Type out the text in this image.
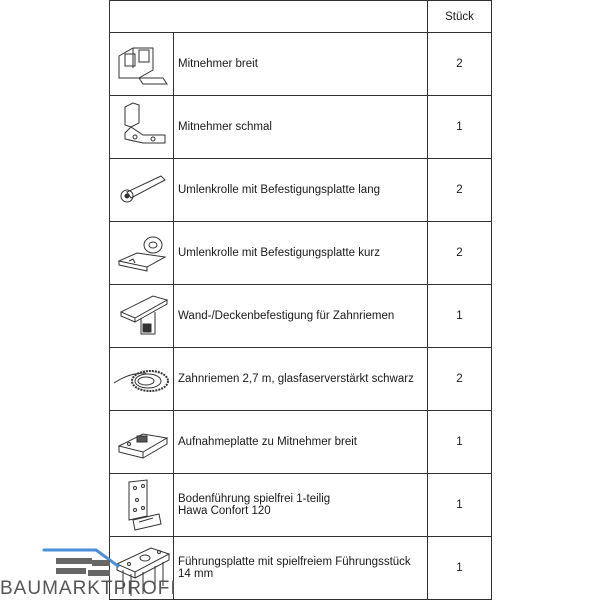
		Stück

	Mitnehmer breit	2

	Mitnehmer schmal	1

	Umlenkrolle mit Befestigungsplatte lang	2

	Umlenkrolle mit Befestigungsplatte kurz	2

	Wand-/Deckenbefestigung für Zahnriemen	1

	Zahnriemen 2,7 m, glasfaserverstärkt schwarz	2

	Aufnahmeplatte zu Mitnehmer breit	1

Bodenführung spielfrei 1-teilig
Hawa Confort 120	1

Führungsplatte mit spielfreiem Führungsstück
14 mm	1
BAUMARKTPROFI
